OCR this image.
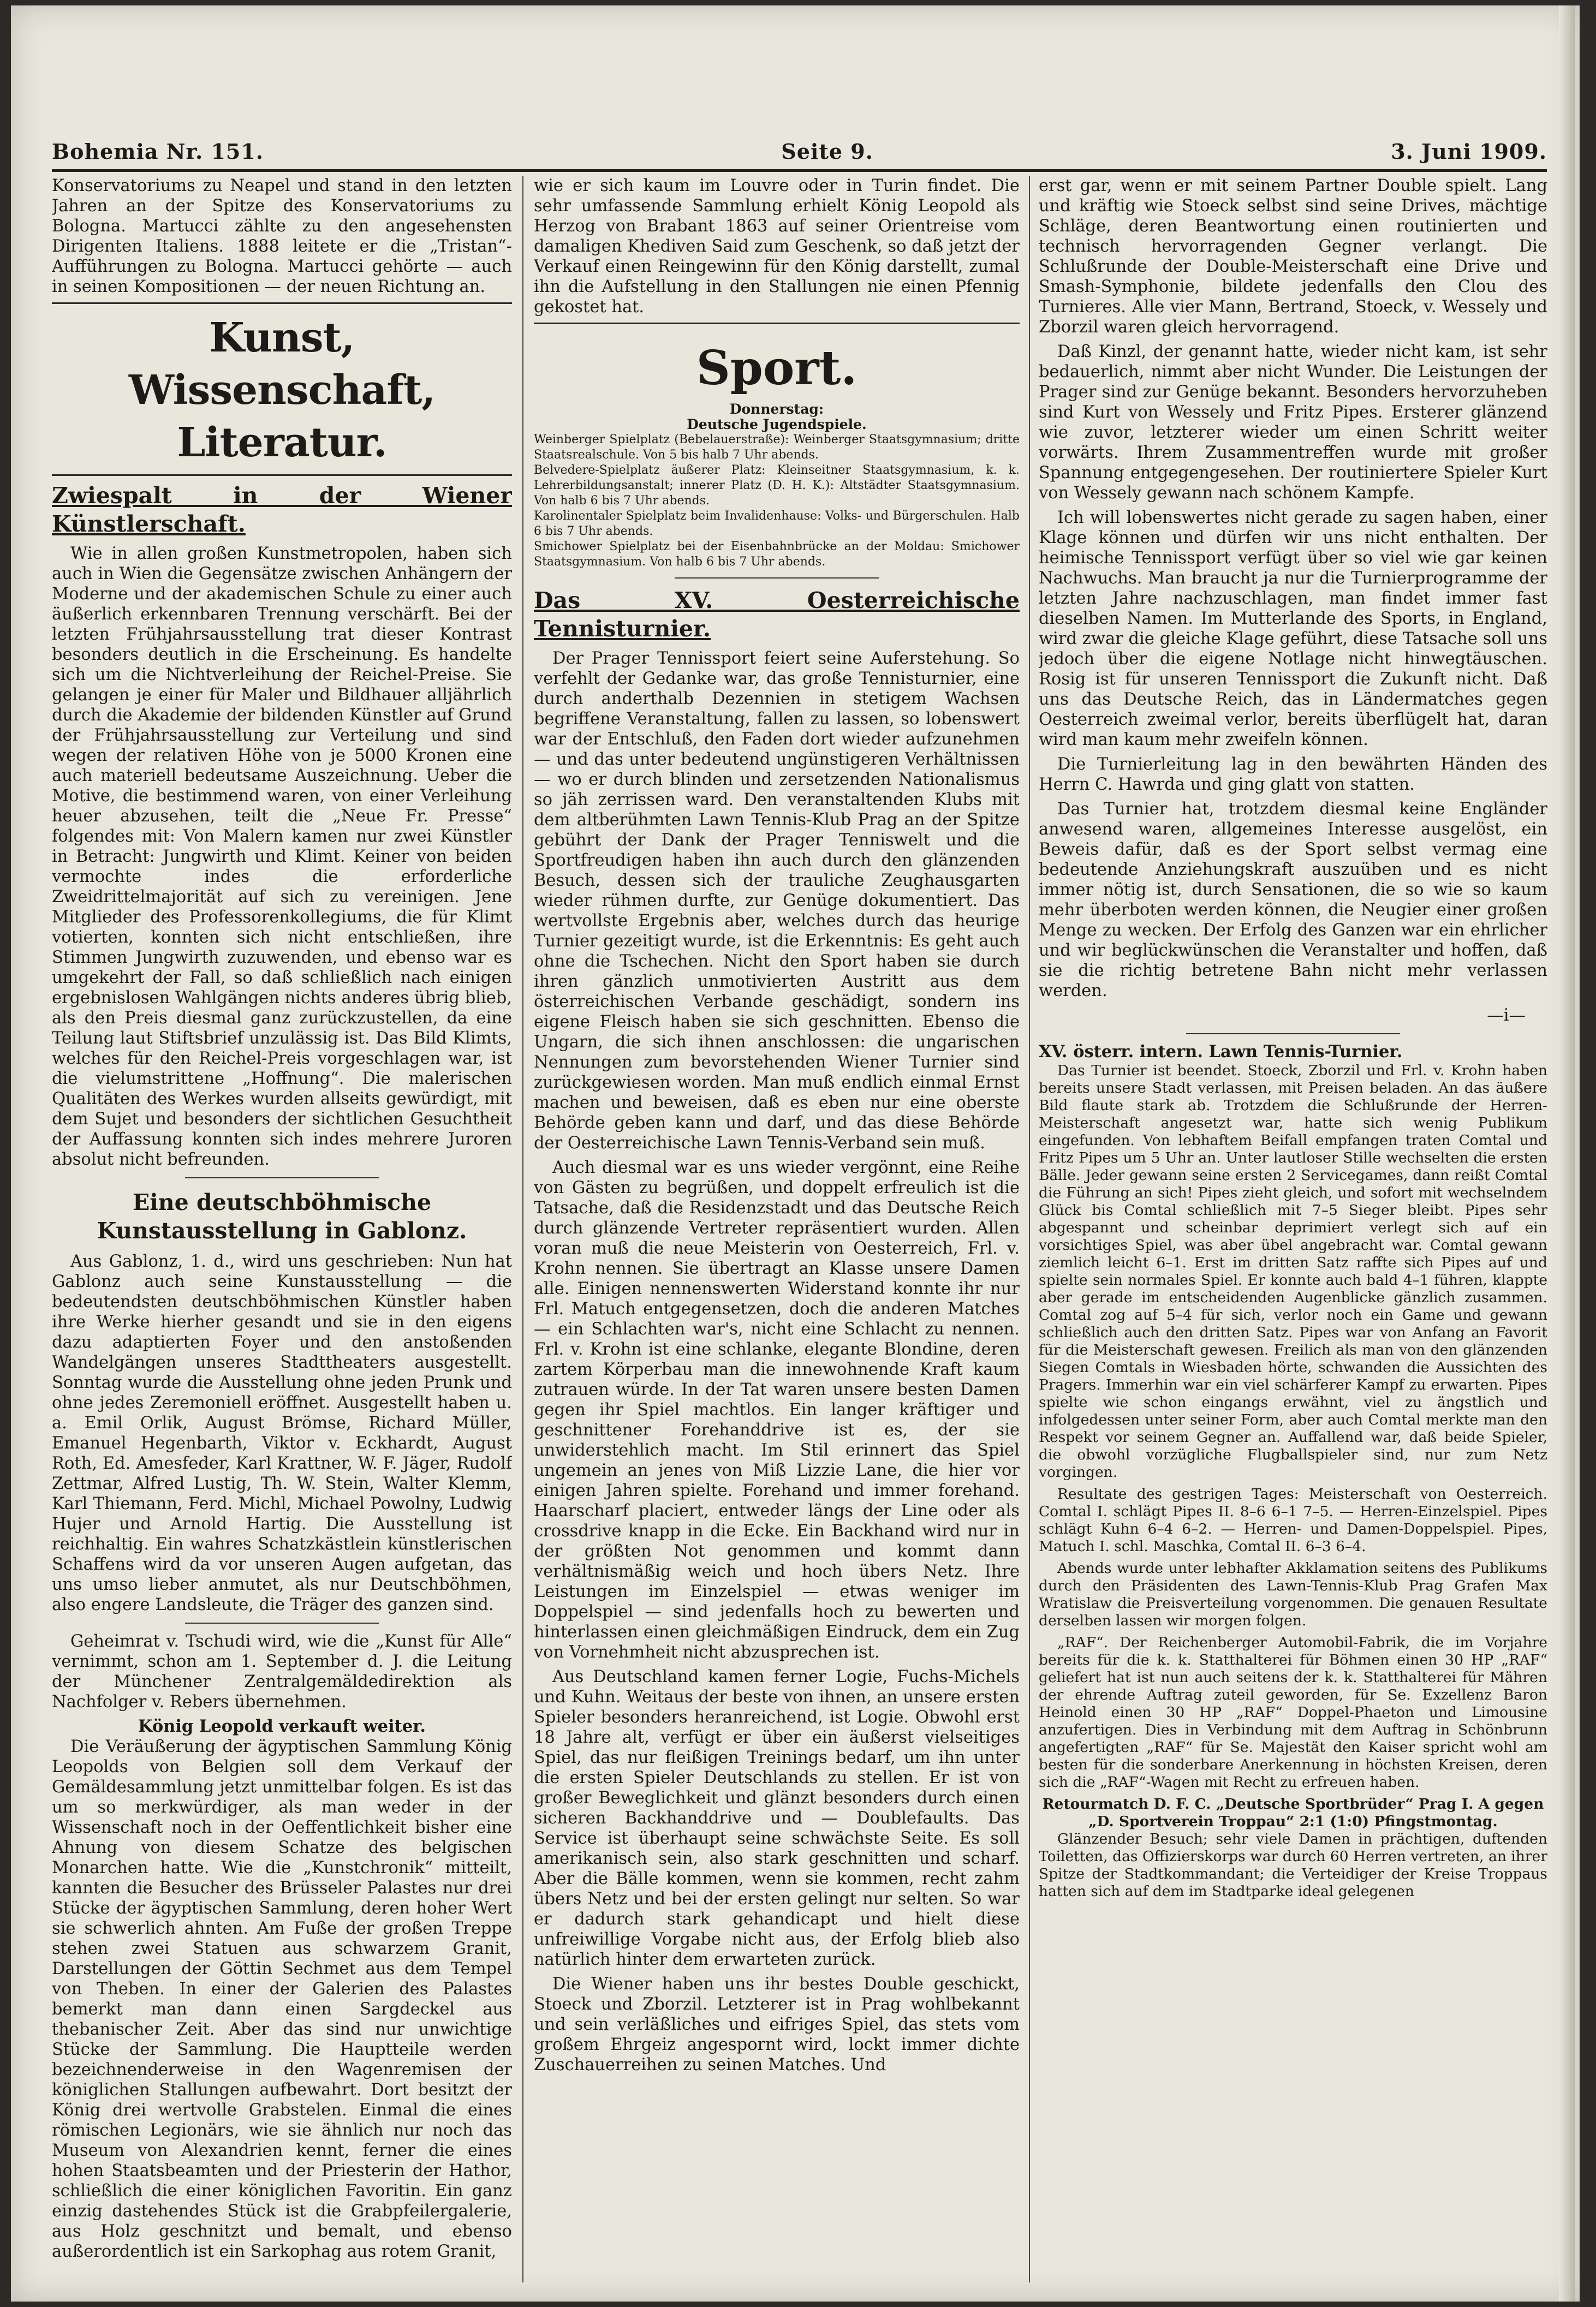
Bohemia Nr. 151.	Seite 9.	3. Juni 1909.

Konservatoriums zu Neapel und stand in den letzten Jahren an der Spitze des Konservatoriums zu Bologna. Martucci zählte zu den angesehensten Dirigenten Italiens. 1888 leitete er die „Tristan“-Aufführungen zu Bologna. Martucci gehörte — auch in seinen Kompositionen — der neuen Richtung an.

Kunst, Wissenschaft, Literatur.
Zwiespalt in der Wiener Künstlerschaft.

Wie in allen großen Kunstmetropolen, haben sich auch in Wien die Gegensätze zwischen Anhängern der Moderne und der akademischen Schule zu einer auch äußerlich erkennbaren Trennung verschärft. Bei der letzten Frühjahrsausstellung trat dieser Kontrast besonders deutlich in die Erscheinung. Es handelte sich um die Nichtverleihung der Reichel-Preise. Sie gelangen je einer für Maler und Bildhauer alljährlich durch die Akademie der bildenden Künstler auf Grund der Frühjahrsausstellung zur Verteilung und sind wegen der relativen Höhe von je 5000 Kronen eine auch materiell bedeutsame Auszeichnung. Ueber die Motive, die bestimmend waren, von einer Verleihung heuer abzusehen, teilt die „Neue Fr. Presse“ folgendes mit: Von Malern kamen nur zwei Künstler in Betracht: Jungwirth und Klimt. Keiner von beiden vermochte indes die erforderliche Zweidrittelmajorität auf sich zu vereinigen. Jene Mitglieder des Professorenkollegiums, die für Klimt votierten, konnten sich nicht entschließen, ihre Stimmen Jungwirth zuzuwenden, und ebenso war es umgekehrt der Fall, so daß schließlich nach einigen ergebnislosen Wahlgängen nichts anderes übrig blieb, als den Preis diesmal ganz zurückzustellen, da eine Teilung laut Stiftsbrief unzulässig ist. Das Bild Klimts, welches für den Reichel-Preis vorgeschlagen war, ist die vielumstrittene „Hoffnung“. Die malerischen Qualitäten des Werkes wurden allseits gewürdigt, mit dem Sujet und besonders der sichtlichen Gesuchtheit der Auffassung konnten sich indes mehrere Juroren absolut nicht befreunden.

Eine deutschböhmische Kunstausstellung in Gablonz.

Aus Gablonz, 1. d., wird uns geschrieben: Nun hat Gablonz auch seine Kunstausstellung — die bedeutendsten deutschböhmischen Künstler haben ihre Werke hierher gesandt und sie in den eigens dazu adaptierten Foyer und den anstoßenden Wandelgängen unseres Stadttheaters ausgestellt. Sonntag wurde die Ausstellung ohne jeden Prunk und ohne jedes Zeremoniell eröffnet. Ausgestellt haben u. a. Emil Orlik, August Brömse, Richard Müller, Emanuel Hegenbarth, Viktor v. Eckhardt, August Roth, Ed. Amesfeder, Karl Krattner, W. F. Jäger, Rudolf Zettmar, Alfred Lustig, Th. W. Stein, Walter Klemm, Karl Thiemann, Ferd. Michl, Michael Powolny, Ludwig Hujer und Arnold Hartig. Die Ausstellung ist reichhaltig. Ein wahres Schatzkästlein künstlerischen Schaffens wird da vor unseren Augen aufgetan, das uns umso lieber anmutet, als nur Deutschböhmen, also engere Landsleute, die Träger des ganzen sind.

Geheimrat v. Tschudi wird, wie die „Kunst für Alle“ vernimmt, schon am 1. September d. J. die Leitung der Münchener Zentralgemäldedirektion als Nachfolger v. Rebers übernehmen.

König Leopold verkauft weiter.

Die Veräußerung der ägyptischen Sammlung König Leopolds von Belgien soll dem Verkauf der Gemäldesammlung jetzt unmittelbar folgen. Es ist das um so merkwürdiger, als man weder in der Wissenschaft noch in der Oeffentlichkeit bisher eine Ahnung von diesem Schatze des belgischen Monarchen hatte. Wie die „Kunstchronik“ mitteilt, kannten die Besucher des Brüsseler Palastes nur drei Stücke der ägyptischen Sammlung, deren hoher Wert sie schwerlich ahnten. Am Fuße der großen Treppe stehen zwei Statuen aus schwarzem Granit, Darstellungen der Göttin Sechmet aus dem Tempel von Theben. In einer der Galerien des Palastes bemerkt man dann einen Sargdeckel aus thebanischer Zeit. Aber das sind nur unwichtige Stücke der Sammlung. Die Hauptteile werden bezeichnenderweise in den Wagenremisen der königlichen Stallungen aufbewahrt. Dort besitzt der König drei wertvolle Grabstelen. Einmal die eines römischen Legionärs, wie sie ähnlich nur noch das Museum von Alexandrien kennt, ferner die eines hohen Staatsbeamten und der Priesterin der Hathor, schließlich die einer königlichen Favoritin. Ein ganz einzig dastehendes Stück ist die Grabpfeilergalerie, aus Holz geschnitzt und bemalt, und ebenso außerordentlich ist ein Sarkophag aus rotem Granit,

wie er sich kaum im Louvre oder in Turin findet. Die sehr umfassende Sammlung erhielt König Leopold als Herzog von Brabant 1863 auf seiner Orientreise vom damaligen Khediven Said zum Geschenk, so daß jetzt der Verkauf einen Reingewinn für den König darstellt, zumal ihn die Aufstellung in den Stallungen nie einen Pfennig gekostet hat.

Sport.
Donnerstag:
Deutsche Jugendspiele.
Weinberger Spielplatz (Bebelauerstraße): Weinberger Staatsgymnasium; dritte Staatsrealschule. Von 5 bis halb 7 Uhr abends.
Belvedere-Spielplatz äußerer Platz: Kleinseitner Staatsgymnasium, k. k. Lehrerbildungsanstalt; innerer Platz (D. H. K.): Altstädter Staatsgymnasium. Von halb 6 bis 7 Uhr abends.
Karolinentaler Spielplatz beim Invalidenhause: Volks- und Bürgerschulen. Halb 6 bis 7 Uhr abends.
Smichower Spielplatz bei der Eisenbahnbrücke an der Moldau: Smichower Staatsgymnasium. Von halb 6 bis 7 Uhr abends.
Das XV. Oesterreichische Tennisturnier.

Der Prager Tennissport feiert seine Auferstehung. So verfehlt der Gedanke war, das große Tennisturnier, eine durch anderthalb Dezennien in stetigem Wachsen begriffene Veranstaltung, fallen zu lassen, so lobenswert war der Entschluß, den Faden dort wieder aufzunehmen — und das unter bedeutend ungünstigeren Verhältnissen — wo er durch blinden und zersetzenden Nationalismus so jäh zerrissen ward. Den veranstaltenden Klubs mit dem altberühmten Lawn Tennis-Klub Prag an der Spitze gebührt der Dank der Prager Tenniswelt und die Sportfreudigen haben ihn auch durch den glänzenden Besuch, dessen sich der trauliche Zeughausgarten wieder rühmen durfte, zur Genüge dokumentiert. Das wertvollste Ergebnis aber, welches durch das heurige Turnier gezeitigt wurde, ist die Erkenntnis: Es geht auch ohne die Tschechen. Nicht den Sport haben sie durch ihren gänzlich unmotivierten Austritt aus dem österreichischen Verbande geschädigt, sondern ins eigene Fleisch haben sie sich geschnitten. Ebenso die Ungarn, die sich ihnen anschlossen: die ungarischen Nennungen zum bevorstehenden Wiener Turnier sind zurückgewiesen worden. Man muß endlich einmal Ernst machen und beweisen, daß es eben nur eine oberste Behörde geben kann und darf, und das diese Behörde der Oesterreichische Lawn Tennis-Verband sein muß.

Auch diesmal war es uns wieder vergönnt, eine Reihe von Gästen zu begrüßen, und doppelt erfreulich ist die Tatsache, daß die Residenzstadt und das Deutsche Reich durch glänzende Vertreter repräsentiert wurden. Allen voran muß die neue Meisterin von Oesterreich, Frl. v. Krohn nennen. Sie übertragt an Klasse unsere Damen alle. Einigen nennenswerten Widerstand konnte ihr nur Frl. Matuch entgegensetzen, doch die anderen Matches — ein Schlachten war's, nicht eine Schlacht zu nennen. Frl. v. Krohn ist eine schlanke, elegante Blondine, deren zartem Körperbau man die innewohnende Kraft kaum zutrauen würde. In der Tat waren unsere besten Damen gegen ihr Spiel machtlos. Ein langer kräftiger und geschnittener Forehanddrive ist es, der sie unwiderstehlich macht. Im Stil erinnert das Spiel ungemein an jenes von Miß Lizzie Lane, die hier vor einigen Jahren spielte. Forehand und immer forehand. Haarscharf placiert, entweder längs der Line oder als crossdrive knapp in die Ecke. Ein Backhand wird nur in der größten Not genommen und kommt dann verhältnismäßig weich und hoch übers Netz. Ihre Leistungen im Einzelspiel — etwas weniger im Doppelspiel — sind jedenfalls hoch zu bewerten und hinterlassen einen gleichmäßigen Eindruck, dem ein Zug von Vornehmheit nicht abzusprechen ist.

Aus Deutschland kamen ferner Logie, Fuchs-Michels und Kuhn. Weitaus der beste von ihnen, an unsere ersten Spieler besonders heranreichend, ist Logie. Obwohl erst 18 Jahre alt, verfügt er über ein äußerst vielseitiges Spiel, das nur fleißigen Treinings bedarf, um ihn unter die ersten Spieler Deutschlands zu stellen. Er ist von großer Beweglichkeit und glänzt besonders durch einen sicheren Backhanddrive und — Doublefaults. Das Service ist überhaupt seine schwächste Seite. Es soll amerikanisch sein, also stark geschnitten und scharf. Aber die Bälle kommen, wenn sie kommen, recht zahm übers Netz und bei der ersten gelingt nur selten. So war er dadurch stark gehandicapt und hielt diese unfreiwillige Vorgabe nicht aus, der Erfolg blieb also natürlich hinter dem erwarteten zurück.

Die Wiener haben uns ihr bestes Double geschickt, Stoeck und Zborzil. Letzterer ist in Prag wohlbekannt und sein verläßliches und eifriges Spiel, das stets vom großem Ehrgeiz angespornt wird, lockt immer dichte Zuschauerreihen zu seinen Matches. Und

erst gar, wenn er mit seinem Partner Double spielt. Lang und kräftig wie Stoeck selbst sind seine Drives, mächtige Schläge, deren Beantwortung einen routinierten und technisch hervorragenden Gegner verlangt. Die Schlußrunde der Double-Meisterschaft eine Drive und Smash-Symphonie, bildete jedenfalls den Clou des Turnieres. Alle vier Mann, Bertrand, Stoeck, v. Wessely und Zborzil waren gleich hervorragend.

Daß Kinzl, der genannt hatte, wieder nicht kam, ist sehr bedauerlich, nimmt aber nicht Wunder. Die Leistungen der Prager sind zur Genüge bekannt. Besonders hervorzuheben sind Kurt von Wessely und Fritz Pipes. Ersterer glänzend wie zuvor, letzterer wieder um einen Schritt weiter vorwärts. Ihrem Zusammentreffen wurde mit großer Spannung entgegengesehen. Der routiniertere Spieler Kurt von Wessely gewann nach schönem Kampfe.

Ich will lobenswertes nicht gerade zu sagen haben, einer Klage können und dürfen wir uns nicht enthalten. Der heimische Tennissport verfügt über so viel wie gar keinen Nachwuchs. Man braucht ja nur die Turnierprogramme der letzten Jahre nachzuschlagen, man findet immer fast dieselben Namen. Im Mutterlande des Sports, in England, wird zwar die gleiche Klage geführt, diese Tatsache soll uns jedoch über die eigene Notlage nicht hinwegtäuschen. Rosig ist für unseren Tennissport die Zukunft nicht. Daß uns das Deutsche Reich, das in Ländermatches gegen Oesterreich zweimal verlor, bereits überflügelt hat, daran wird man kaum mehr zweifeln können.

Die Turnierleitung lag in den bewährten Händen des Herrn C. Hawrda und ging glatt von statten.

Das Turnier hat, trotzdem diesmal keine Engländer anwesend waren, allgemeines Interesse ausgelöst, ein Beweis dafür, daß es der Sport selbst vermag eine bedeutende Anziehungskraft auszuüben und es nicht immer nötig ist, durch Sensationen, die so wie so kaum mehr überboten werden können, die Neugier einer großen Menge zu wecken. Der Erfolg des Ganzen war ein ehrlicher und wir beglückwünschen die Veranstalter und hoffen, daß sie die richtig betretene Bahn nicht mehr verlassen werden.

—i—
XV. österr. intern. Lawn Tennis-Turnier.

Das Turnier ist beendet. Stoeck, Zborzil und Frl. v. Krohn haben bereits unsere Stadt verlassen, mit Preisen beladen. An das äußere Bild flaute stark ab. Trotzdem die Schlußrunde der Herren-Meisterschaft angesetzt war, hatte sich wenig Publikum eingefunden. Von lebhaftem Beifall empfangen traten Comtal und Fritz Pipes um 5 Uhr an. Unter lautloser Stille wechselten die ersten Bälle. Jeder gewann seine ersten 2 Servicegames, dann reißt Comtal die Führung an sich! Pipes zieht gleich, und sofort mit wechselndem Glück bis Comtal schließlich mit 7–5 Sieger bleibt. Pipes sehr abgespannt und scheinbar deprimiert verlegt sich auf ein vorsichtiges Spiel, was aber übel angebracht war. Comtal gewann ziemlich leicht 6–1. Erst im dritten Satz raffte sich Pipes auf und spielte sein normales Spiel. Er konnte auch bald 4–1 führen, klappte aber gerade im entscheidenden Augenblicke gänzlich zusammen. Comtal zog auf 5–4 für sich, verlor noch ein Game und gewann schließlich auch den dritten Satz. Pipes war von Anfang an Favorit für die Meisterschaft gewesen. Freilich als man von den glänzenden Siegen Comtals in Wiesbaden hörte, schwanden die Aussichten des Pragers. Immerhin war ein viel schärferer Kampf zu erwarten. Pipes spielte wie schon eingangs erwähnt, viel zu ängstlich und infolgedessen unter seiner Form, aber auch Comtal merkte man den Respekt vor seinem Gegner an. Auffallend war, daß beide Spieler, die obwohl vorzügliche Flugballspieler sind, nur zum Netz vorgingen.

Resultate des gestrigen Tages: Meisterschaft von Oesterreich. Comtal I. schlägt Pipes II. 8–6 6–1 7–5. — Herren-Einzelspiel. Pipes schlägt Kuhn 6–4 6–2. — Herren- und Damen-Doppelspiel. Pipes, Matuch I. schl. Maschka, Comtal II. 6–3 6–4.

Abends wurde unter lebhafter Akklamation seitens des Publikums durch den Präsidenten des Lawn-Tennis-Klub Prag Grafen Max Wratislaw die Preisverteilung vorgenommen. Die genauen Resultate derselben lassen wir morgen folgen.

„RAF“. Der Reichenberger Automobil-Fabrik, die im Vorjahre bereits für die k. k. Statthalterei für Böhmen einen 30 HP „RAF“ geliefert hat ist nun auch seitens der k. k. Statthalterei für Mähren der ehrende Auftrag zuteil geworden, für Se. Exzellenz Baron Heinold einen 30 HP „RAF“ Doppel-Phaeton und Limousine anzufertigen. Dies in Verbindung mit dem Auftrag in Schönbrunn angefertigten „RAF“ für Se. Majestät den Kaiser spricht wohl am besten für die sonderbare Anerkennung in höchsten Kreisen, deren sich die „RAF“-Wagen mit Recht zu erfreuen haben.

Retourmatch D. F. C. „Deutsche Sportbrüder“ Prag I. A gegen „D. Sportverein Troppau“ 2:1 (1:0) Pfingstmontag.

Glänzender Besuch; sehr viele Damen in prächtigen, duftenden Toiletten, das Offizierskorps war durch 60 Herren vertreten, an ihrer Spitze der Stadtkommandant; die Verteidiger der Kreise Troppaus hatten sich auf dem im Stadtparke ideal gelegenen
